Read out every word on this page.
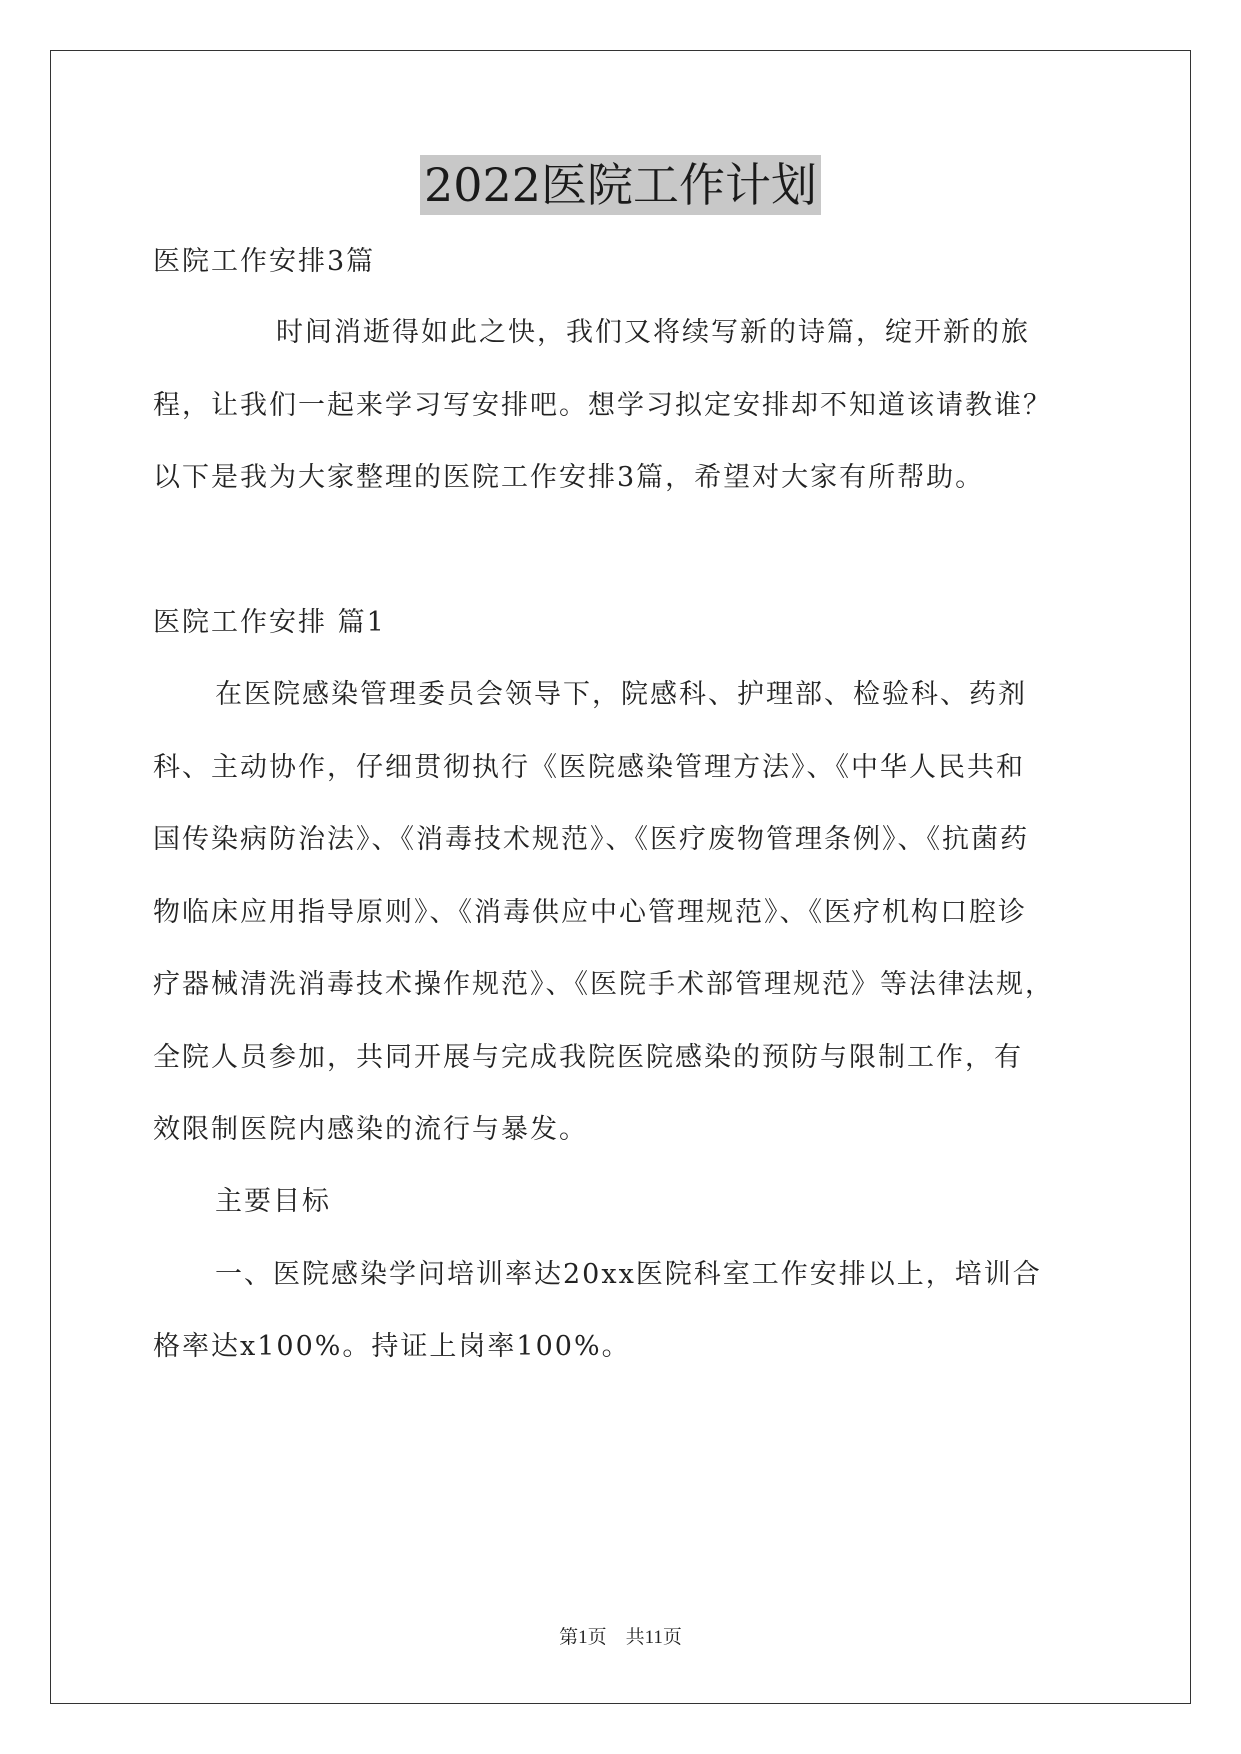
2022医院工作计划
医院工作安排3篇
时间消逝得如此之快，我们又将续写新的诗篇，绽开新的旅
程，让我们一起来学习写安排吧。想学习拟定安排却不知道该请教谁？
以下是我为大家整理的医院工作安排3篇，希望对大家有所帮助。
医院工作安排 篇1
在医院感染管理委员会领导下，院感科、护理部、检验科、药剂
科、主动协作，仔细贯彻执行《医院感染管理方法》、《中华人民共和
国传染病防治法》、《消毒技术规范》、《医疗废物管理条例》、《抗菌药
物临床应用指导原则》、《消毒供应中心管理规范》、《医疗机构口腔诊
疗器械清洗消毒技术操作规范》、《医院手术部管理规范》等法律法规，
全院人员参加，共同开展与完成我院医院感染的预防与限制工作，有
效限制医院内感染的流行与暴发。
主要目标
一、医院感染学问培训率达20xx医院科室工作安排以上，培训合
格率达x100%。持证上岗率100%。
第1页　共11页
